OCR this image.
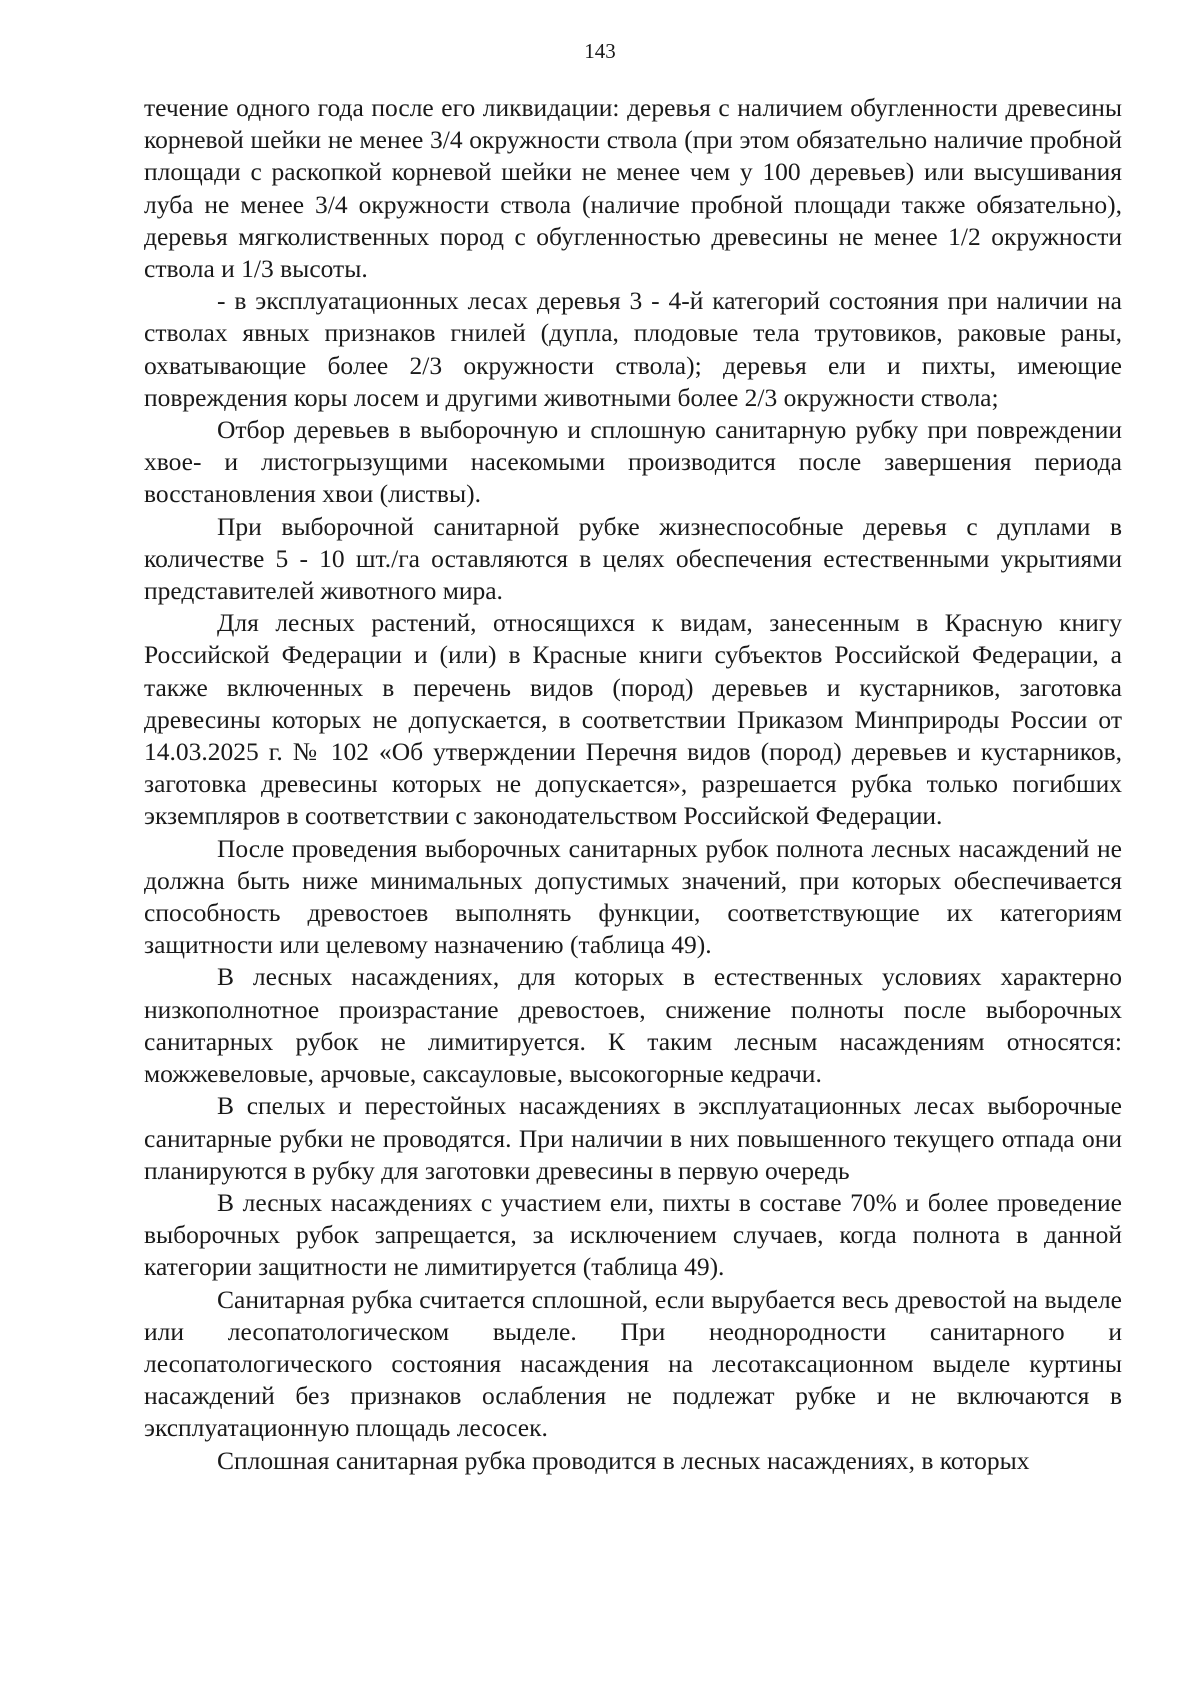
143

течение одного года после его ликвидации: деревья с наличием обугленности древесины корневой шейки не менее 3/4 окружности ствола (при этом обязательно наличие пробной площади с раскопкой корневой шейки не менее чем у 100 деревьев) или высушивания луба не менее 3/4 окружности ствола (наличие пробной площади также обязательно), деревья мягколиственных пород с обугленностью древесины не менее 1/2 окружности ствола и 1/3 высоты.

- в эксплуатационных лесах деревья 3 - 4-й категорий состояния при наличии на стволах явных признаков гнилей (дупла, плодовые тела трутовиков, раковые раны, охватывающие более 2/3 окружности ствола); деревья ели и пихты, имеющие повреждения коры лосем и другими животными более 2/3 окружности ствола;

Отбор деревьев в выборочную и сплошную санитарную рубку при повреждении хвое- и листогрызущими насекомыми производится после завершения периода восстановления хвои (листвы).

При выборочной санитарной рубке жизнеспособные деревья с дуплами в количестве 5 - 10 шт./га оставляются в целях обеспечения естественными укрытиями представителей животного мира.

Для лесных растений, относящихся к видам, занесенным в Красную книгу Российской Федерации и (или) в Красные книги субъектов Российской Федерации, а также включенных в перечень видов (пород) деревьев и кустарников, заготовка древесины которых не допускается, в соответствии Приказом Минприроды России от 14.03.2025 г. № 102 «Об утверждении Перечня видов (пород) деревьев и кустарников, заготовка древесины которых не допускается», разрешается рубка только погибших экземпляров в соответствии с законодательством Российской Федерации.

После проведения выборочных санитарных рубок полнота лесных насаждений не должна быть ниже минимальных допустимых значений, при которых обеспечивается способность древостоев выполнять функции, соответствующие их категориям защитности или целевому назначению (таблица 49).

В лесных насаждениях, для которых в естественных условиях характерно низкополнотное произрастание древостоев, снижение полноты после выборочных санитарных рубок не лимитируется. К таким лесным насаждениям относятся: можжевеловые, арчовые, саксауловые, высокогорные кедрачи.

В спелых и перестойных насаждениях в эксплуатационных лесах выборочные санитарные рубки не проводятся. При наличии в них повышенного текущего отпада они планируются в рубку для заготовки древесины в первую очередь

В лесных насаждениях с участием ели, пихты в составе 70% и более проведение выборочных рубок запрещается, за исключением случаев, когда полнота в данной категории защитности не лимитируется (таблица 49).

Санитарная рубка считается сплошной, если вырубается весь древостой на выделе или лесопатологическом выделе. При неоднородности санитарного и лесопатологического состояния насаждения на лесотаксационном выделе куртины насаждений без признаков ослабления не подлежат рубке и не включаются в эксплуатационную площадь лесосек.

Сплошная санитарная рубка проводится в лесных насаждениях, в которых
